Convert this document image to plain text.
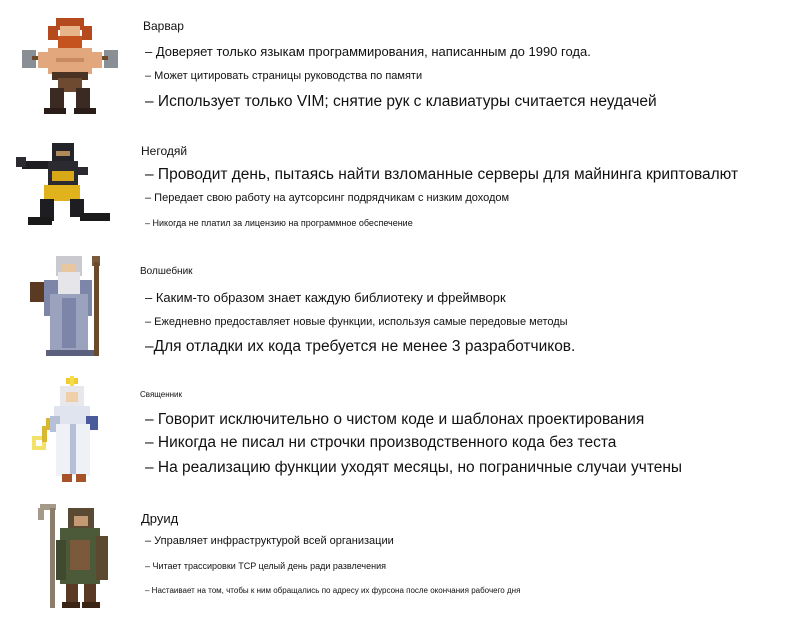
Варвар
– Доверяет только языкам программирования, написанным до 1990 года.
– Может цитировать страницы руководства по памяти
– Использует только VIM; снятие рук с клавиатуры считается неудачей
Негодяй
– Проводит день, пытаясь найти взломанные серверы для майнинга криптовалют
– Передает свою работу на аутсорсинг подрядчикам с низким доходом
– Никогда не платил за лицензию на программное обеспечение
Волшебник
– Каким-то образом знает каждую библиотеку и фреймворк
– Ежедневно предоставляет новые функции, используя самые передовые методы
–Для отладки их кода требуется не менее 3 разработчиков.
Священник
– Говорит исключительно о чистом коде и шаблонах проектирования
– Никогда не писал ни строчки производственного кода без теста
– На реализацию функции уходят месяцы, но пограничные случаи учтены
Друид
– Управляет инфраструктурой всей организации
– Читает трассировки TCP целый день ради развлечения
– Настаивает на том, чтобы к ним обращались по адресу их фурсона после окончания рабочего дня
